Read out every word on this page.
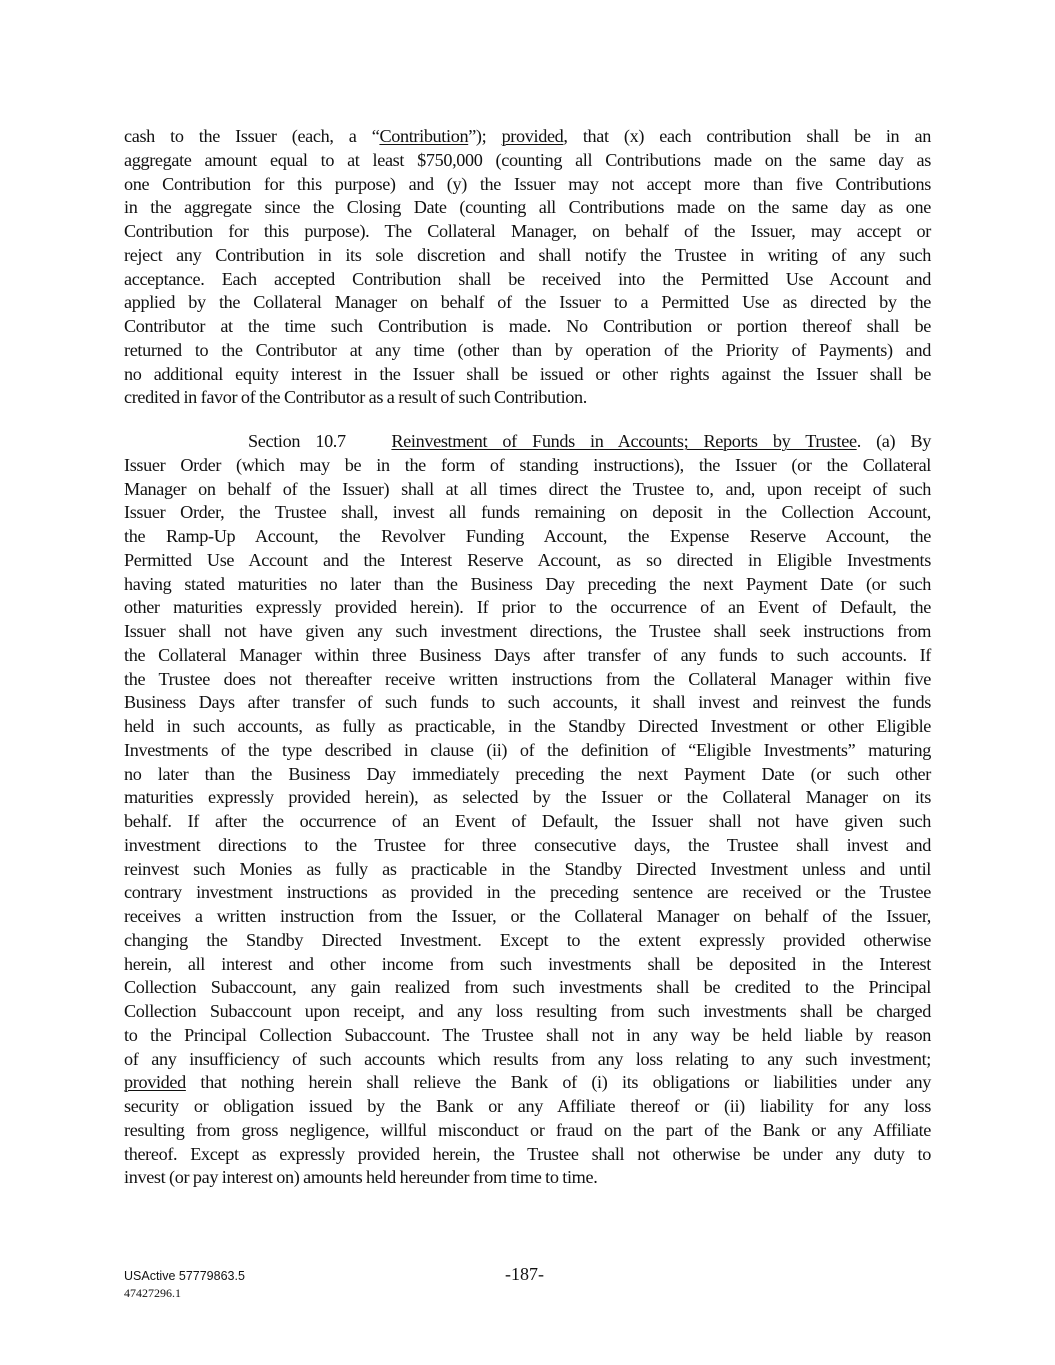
cash to the Issuer (each, a “Contribution”); provided, that (x) each contribution shall be in an
aggregate amount equal to at least $750,000 (counting all Contributions made on the same day as
one Contribution for this purpose) and (y) the Issuer may not accept more than five Contributions
in the aggregate since the Closing Date (counting all Contributions made on the same day as one
Contribution for this purpose). The Collateral Manager, on behalf of the Issuer, may accept or
reject any Contribution in its sole discretion and shall notify the Trustee in writing of any such
acceptance. Each accepted Contribution shall be received into the Permitted Use Account and
applied by the Collateral Manager on behalf of the Issuer to a Permitted Use as directed by the
Contributor at the time such Contribution is made. No Contribution or portion thereof shall be
returned to the Contributor at any time (other than by operation of the Priority of Payments) and
no additional equity interest in the Issuer shall be issued or other rights against the Issuer shall be
credited in favor of the Contributor as a result of such Contribution.
Section 10.7	Reinvestment of Funds in Accounts; Reports by Trustee. (a) By
Issuer Order (which may be in the form of standing instructions), the Issuer (or the Collateral
Manager on behalf of the Issuer) shall at all times direct the Trustee to, and, upon receipt of such
Issuer Order, the Trustee shall, invest all funds remaining on deposit in the Collection Account,
the Ramp-Up Account, the Revolver Funding Account, the Expense Reserve Account, the
Permitted Use Account and the Interest Reserve Account, as so directed in Eligible Investments
having stated maturities no later than the Business Day preceding the next Payment Date (or such
other maturities expressly provided herein). If prior to the occurrence of an Event of Default, the
Issuer shall not have given any such investment directions, the Trustee shall seek instructions from
the Collateral Manager within three Business Days after transfer of any funds to such accounts. If
the Trustee does not thereafter receive written instructions from the Collateral Manager within five
Business Days after transfer of such funds to such accounts, it shall invest and reinvest the funds
held in such accounts, as fully as practicable, in the Standby Directed Investment or other Eligible
Investments of the type described in clause (ii) of the definition of “Eligible Investments” maturing
no later than the Business Day immediately preceding the next Payment Date (or such other
maturities expressly provided herein), as selected by the Issuer or the Collateral Manager on its
behalf. If after the occurrence of an Event of Default, the Issuer shall not have given such
investment directions to the Trustee for three consecutive days, the Trustee shall invest and
reinvest such Monies as fully as practicable in the Standby Directed Investment unless and until
contrary investment instructions as provided in the preceding sentence are received or the Trustee
receives a written instruction from the Issuer, or the Collateral Manager on behalf of the Issuer,
changing the Standby Directed Investment. Except to the extent expressly provided otherwise
herein, all interest and other income from such investments shall be deposited in the Interest
Collection Subaccount, any gain realized from such investments shall be credited to the Principal
Collection Subaccount upon receipt, and any loss resulting from such investments shall be charged
to the Principal Collection Subaccount. The Trustee shall not in any way be held liable by reason
of any insufficiency of such accounts which results from any loss relating to any such investment;
provided that nothing herein shall relieve the Bank of (i) its obligations or liabilities under any
security or obligation issued by the Bank or any Affiliate thereof or (ii) liability for any loss
resulting from gross negligence, willful misconduct or fraud on the part of the Bank or any Affiliate
thereof. Except as expressly provided herein, the Trustee shall not otherwise be under any duty to
invest (or pay interest on) amounts held hereunder from time to time.
USActive 57779863.5
47427296.1
-187-
